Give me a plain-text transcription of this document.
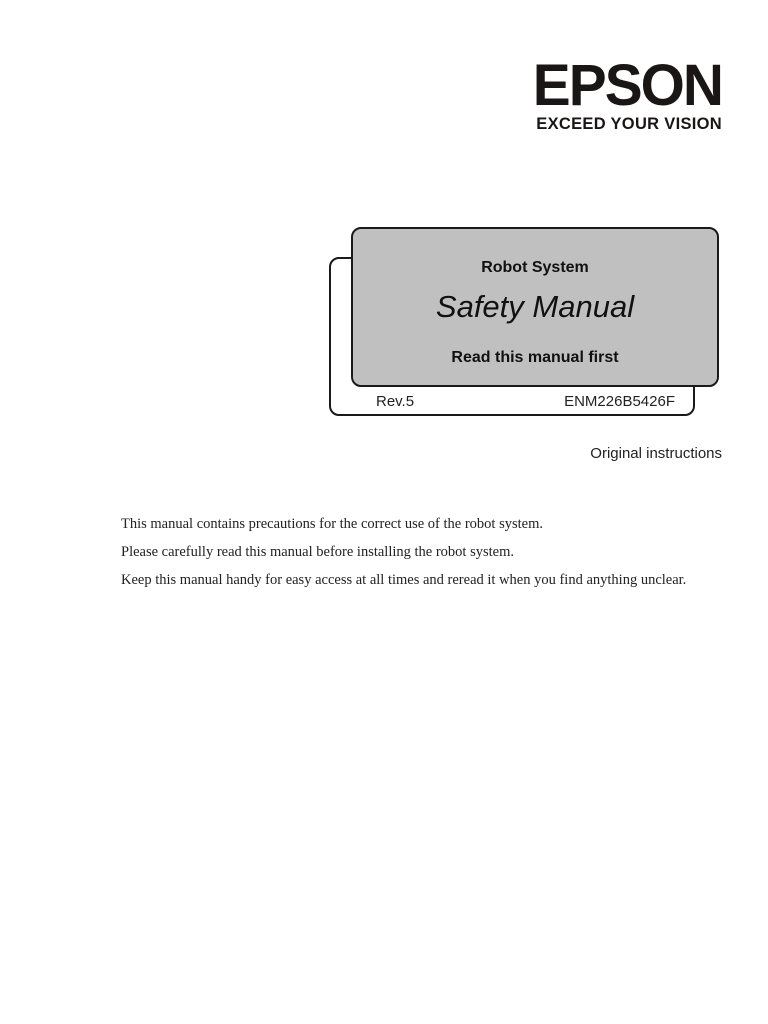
EPSON
EXCEED YOUR VISION
Rev.5	ENM226B5426F
Robot System
Safety Manual
Read this manual first
Original instructions

This manual contains precautions for the correct use of the robot system.

Please carefully read this manual before installing the robot system.

Keep this manual handy for easy access at all times and reread it when you find anything unclear.
